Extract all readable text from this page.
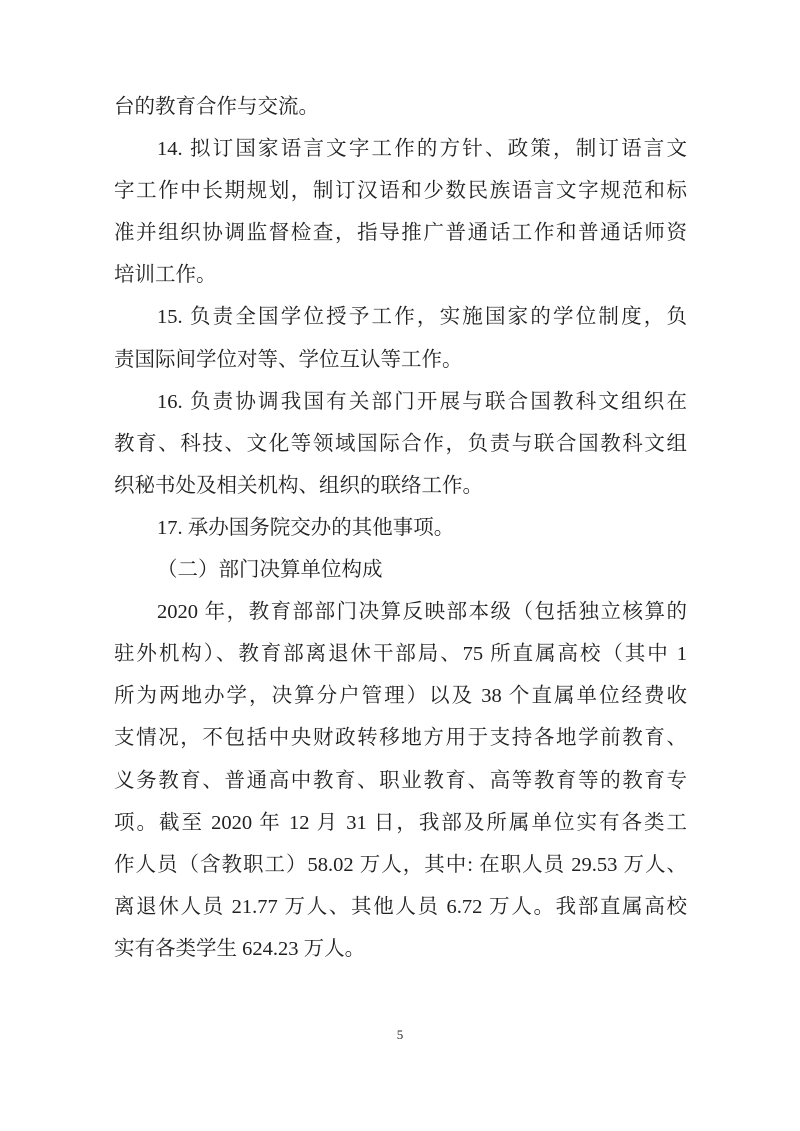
台的教育合作与交流。
14. 拟订国家语言文字工作的方针、政策，制订语言文
字工作中长期规划，制订汉语和少数民族语言文字规范和标
准并组织协调监督检查，指导推广普通话工作和普通话师资
培训工作。
15. 负责全国学位授予工作，实施国家的学位制度，负
责国际间学位对等、学位互认等工作。
16. 负责协调我国有关部门开展与联合国教科文组织在
教育、科技、文化等领域国际合作，负责与联合国教科文组
织秘书处及相关机构、组织的联络工作。
17. 承办国务院交办的其他事项。
（二）部门决算单位构成
2020 年，教育部部门决算反映部本级（包括独立核算的
驻外机构）、教育部离退休干部局、75 所直属高校（其中 1
所为两地办学，决算分户管理）以及 38 个直属单位经费收
支情况，不包括中央财政转移地方用于支持各地学前教育、
义务教育、普通高中教育、职业教育、高等教育等的教育专
项。截至 2020 年 12 月 31 日，我部及所属单位实有各类工
作人员（含教职工）58.02 万人，其中: 在职人员 29.53 万人、
离退休人员 21.77 万人、其他人员 6.72 万人。我部直属高校
实有各类学生 624.23 万人。
5
